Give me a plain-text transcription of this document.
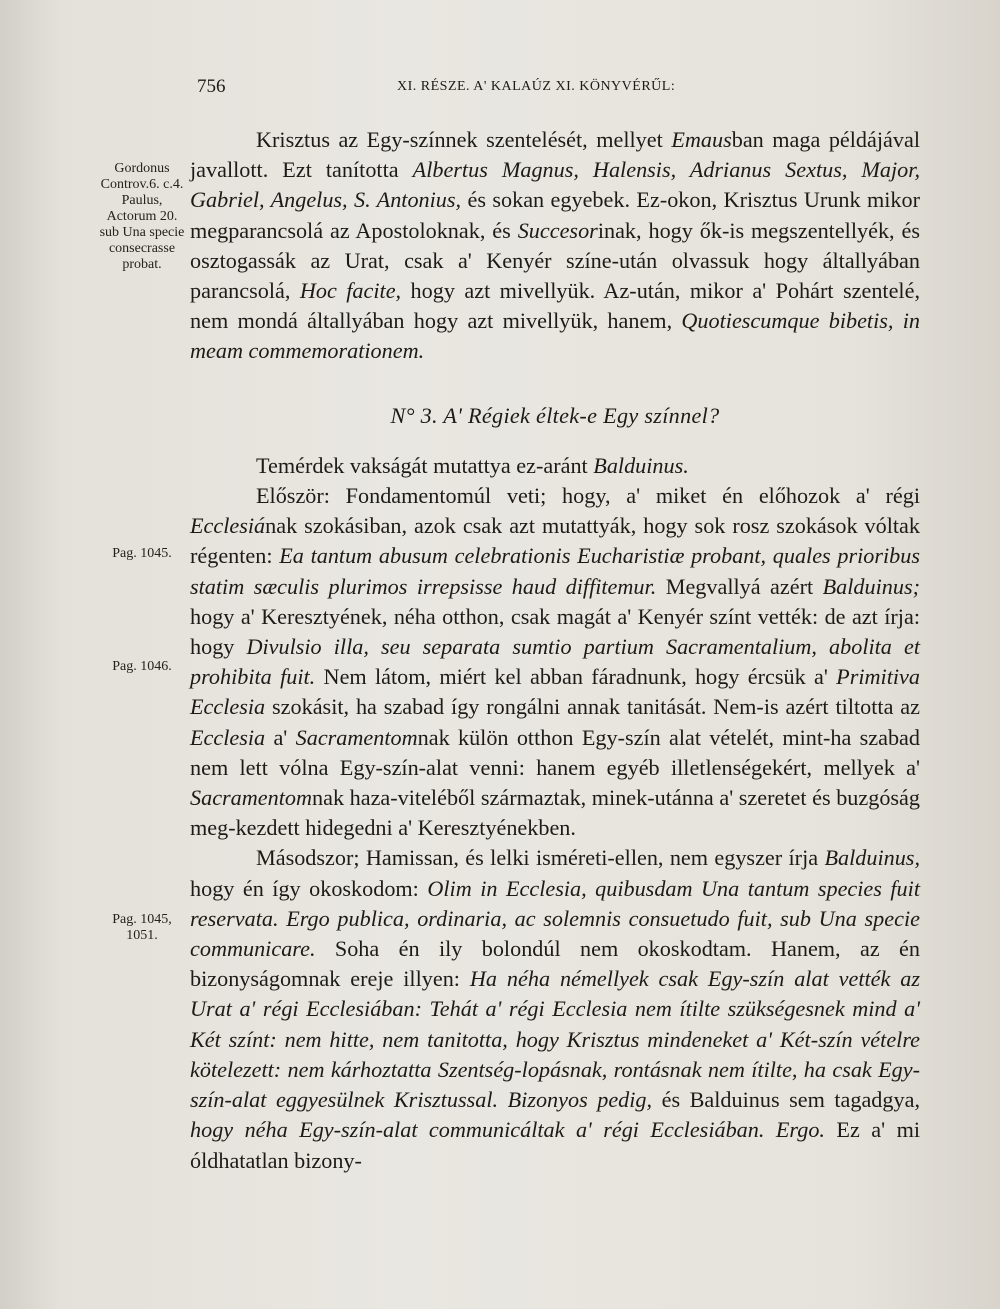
756	XI. RÉSZE. A' KALAÚZ XI. KÖNYVÉRŰL:
Gordonus Controv.6. c.4. Paulus, Actorum 20. sub Una specie consecrasse probat.
Pag. 1045.
Pag. 1046.
Pag. 1045, 1051.

Krisztus az Egy-színnek szentelését, mellyet Emausban maga példájával javallott. Ezt tanította Albertus Magnus, Halensis, Adrianus Sextus, Major, Gabriel, Angelus, S. Antonius, és sokan egyebek. Ez-okon, Krisztus Urunk mikor megparancsolá az Apostoloknak, és Succesorinak, hogy ők-is megszentellyék, és osztogassák az Urat, csak a' Kenyér színe-után olvassuk hogy általlyában parancsolá, Hoc facite, hogy azt mivellyük. Az-után, mikor a' Pohárt szentelé, nem mondá általlyában hogy azt mivellyük, hanem, Quotiescumque bibetis, in meam commemorationem.

N° 3. A' Régiek éltek-e Egy színnel?

Temérdek vakságát mutattya ez-aránt Balduinus.

Először: Fondamentomúl veti; hogy, a' miket én előhozok a' régi Ecclesiának szokásiban, azok csak azt mutattyák, hogy sok rosz szokások vóltak régenten: Ea tantum abusum celebrationis Eucharistiæ probant, quales prioribus statim sæculis plurimos irrepsisse haud diffitemur. Megvallyá azért Balduinus; hogy a' Keresztyének, néha otthon, csak magát a' Kenyér színt vették: de azt írja: hogy Divulsio illa, seu separata sumtio partium Sacramentalium, abolita et prohibita fuit. Nem látom, miért kel abban fáradnunk, hogy ércsük a' Primitiva Ecclesia szokásit, ha szabad így rongálni annak tanitását. Nem-is azért tiltotta az Ecclesia a' Sacramentomnak külön otthon Egy-szín alat vételét, mint-ha szabad nem lett vólna Egy-szín-alat venni: hanem egyéb illetlenségekért, mellyek a' Sacramentomnak haza-viteléből származtak, minek-utánna a' szeretet és buzgóság meg-kezdett hidegedni a' Keresztyénekben.

Másodszor; Hamissan, és lelki isméreti-ellen, nem egyszer írja Balduinus, hogy én így okoskodom: Olim in Ecclesia, quibusdam Una tantum species fuit reservata. Ergo publica, ordinaria, ac solemnis consuetudo fuit, sub Una specie communicare. Soha én ily bolondúl nem okoskodtam. Hanem, az én bizonyságomnak ereje illyen: Ha néha némellyek csak Egy-szín alat vették az Urat a' régi Ecclesiában: Tehát a' régi Ecclesia nem ítilte szükségesnek mind a' Két színt: nem hitte, nem tanitotta, hogy Krisztus mindeneket a' Két-szín vételre kötelezett: nem kárhoztatta Szentség-lopásnak, rontásnak nem ítilte, ha csak Egy-szín-alat eggyesülnek Krisztussal. Bizonyos pedig, és Balduinus sem tagadgya, hogy néha Egy-szín-alat communicáltak a' régi Ecclesiában. Ergo. Ez a' mi óldhatatlan bizony-
